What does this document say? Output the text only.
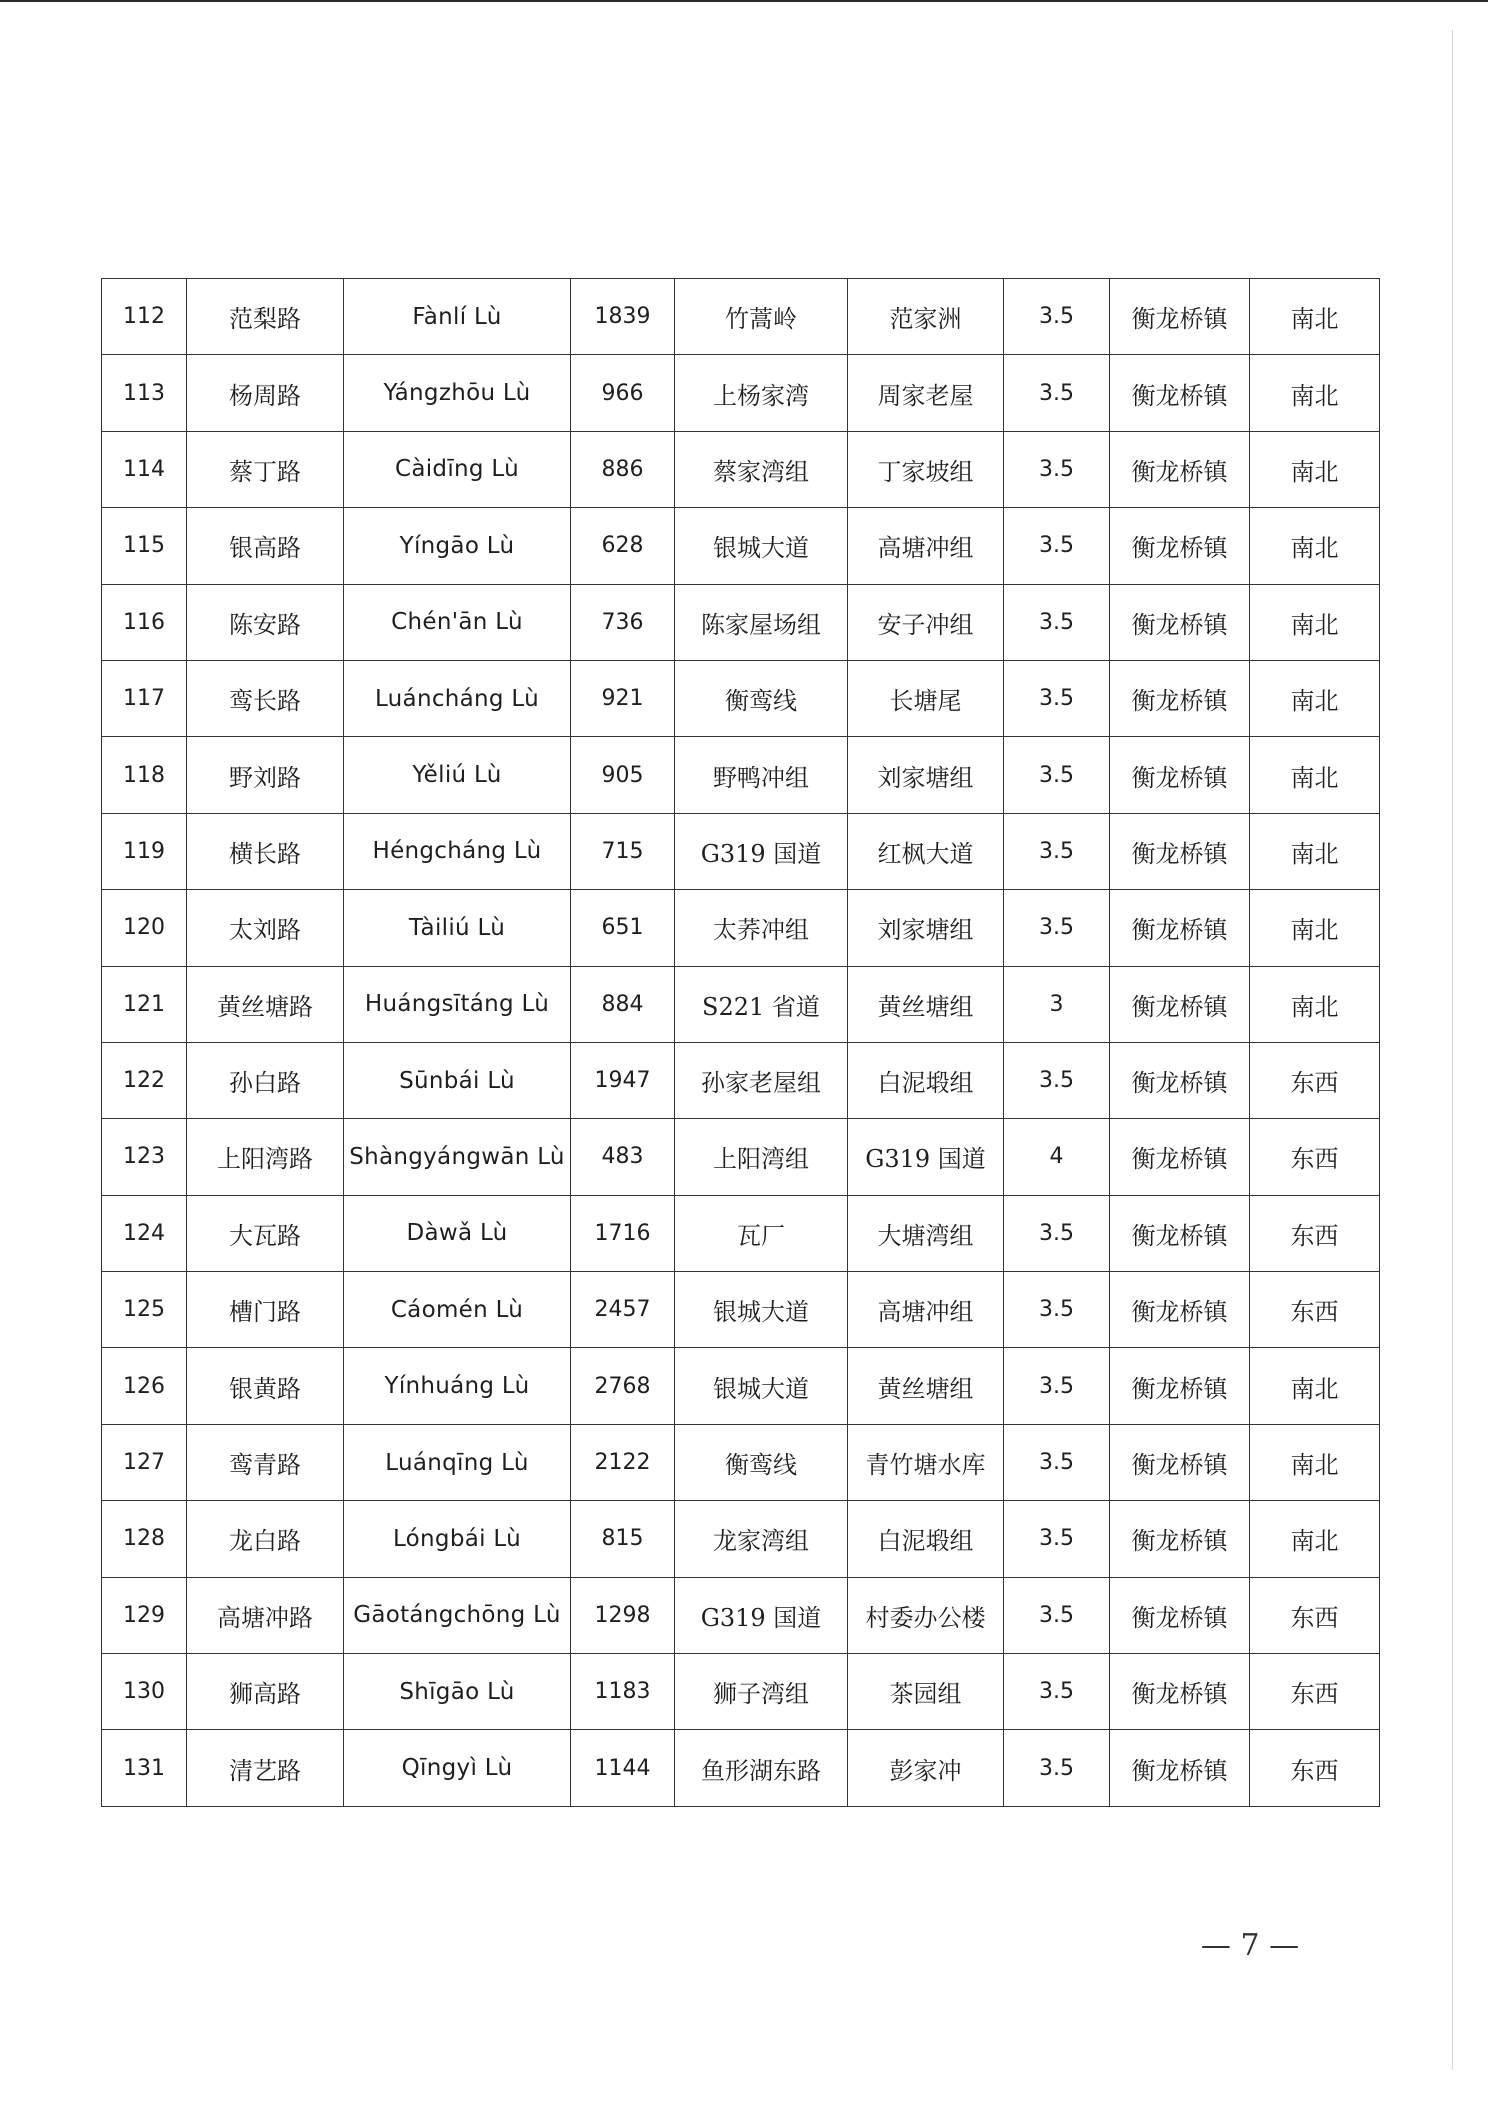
112	范梨路	Fànlí Lù	1839	竹蒿岭	范家洲	3.5	衡龙桥镇	南北
113	杨周路	Yángzhōu Lù	966	上杨家湾	周家老屋	3.5	衡龙桥镇	南北
114	蔡丁路	Càidīng Lù	886	蔡家湾组	丁家坡组	3.5	衡龙桥镇	南北
115	银高路	Yíngāo Lù	628	银城大道	高塘冲组	3.5	衡龙桥镇	南北
116	陈安路	Chén'ān Lù	736	陈家屋场组	安子冲组	3.5	衡龙桥镇	南北
117	鸾长路	Luáncháng Lù	921	衡鸾线	长塘尾	3.5	衡龙桥镇	南北
118	野刘路	Yěliú Lù	905	野鸭冲组	刘家塘组	3.5	衡龙桥镇	南北
119	横长路	Héngcháng Lù	715	G319 国道	红枫大道	3.5	衡龙桥镇	南北
120	太刘路	Tàiliú Lù	651	太荞冲组	刘家塘组	3.5	衡龙桥镇	南北
121	黄丝塘路	Huángsītáng Lù	884	S221 省道	黄丝塘组	3	衡龙桥镇	南北
122	孙白路	Sūnbái Lù	1947	孙家老屋组	白泥塅组	3.5	衡龙桥镇	东西
123	上阳湾路	Shàngyángwān Lù	483	上阳湾组	G319 国道	4	衡龙桥镇	东西
124	大瓦路	Dàwǎ Lù	1716	瓦厂	大塘湾组	3.5	衡龙桥镇	东西
125	槽门路	Cáomén Lù	2457	银城大道	高塘冲组	3.5	衡龙桥镇	东西
126	银黄路	Yínhuáng Lù	2768	银城大道	黄丝塘组	3.5	衡龙桥镇	南北
127	鸾青路	Luánqīng Lù	2122	衡鸾线	青竹塘水库	3.5	衡龙桥镇	南北
128	龙白路	Lóngbái Lù	815	龙家湾组	白泥塅组	3.5	衡龙桥镇	南北
129	高塘冲路	Gāotángchōng Lù	1298	G319 国道	村委办公楼	3.5	衡龙桥镇	东西
130	狮高路	Shīgāo Lù	1183	狮子湾组	茶园组	3.5	衡龙桥镇	东西
131	清艺路	Qīngyì Lù	1144	鱼形湖东路	彭家冲	3.5	衡龙桥镇	东西
— 7 —
